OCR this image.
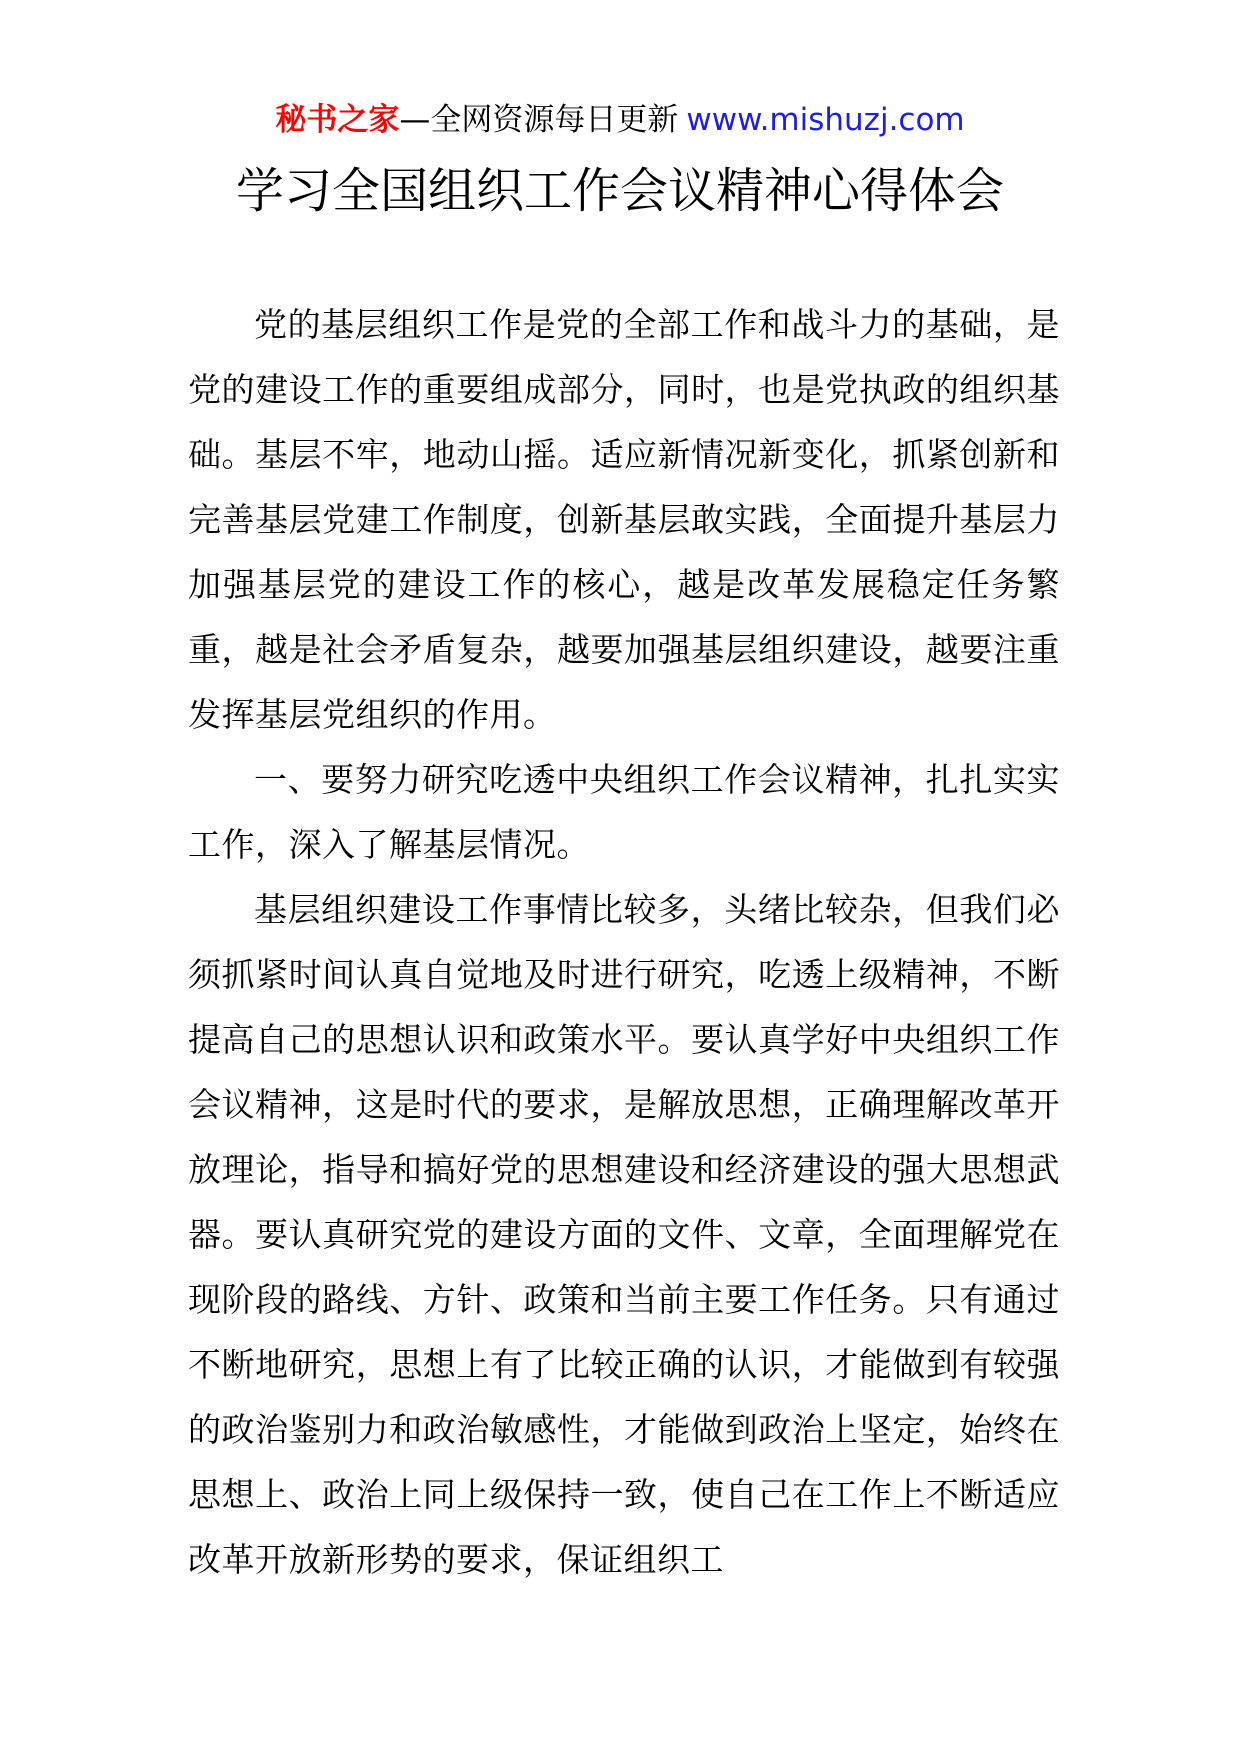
秘书之家—全网资源每日更新 www.mishuzj.com
学习全国组织工作会议精神心得体会

党的基层组织工作是党的全部工作和战斗力的基础，是党的建设工作的重要组成部分，同时，也是党执政的组织基础。基层不牢，地动山摇。适应新情况新变化，抓紧创新和完善基层党建工作制度，创新基层敢实践，全面提升基层力加强基层党的建设工作的核心，越是改革发展稳定任务繁重，越是社会矛盾复杂，越要加强基层组织建设，越要注重发挥基层党组织的作用。

一、要努力研究吃透中央组织工作会议精神，扎扎实实工作，深入了解基层情况。

基层组织建设工作事情比较多，头绪比较杂，但我们必须抓紧时间认真自觉地及时进行研究，吃透上级精神，不断提高自己的思想认识和政策水平。要认真学好中央组织工作会议精神，这是时代的要求，是解放思想，正确理解改革开放理论，指导和搞好党的思想建设和经济建设的强大思想武器。要认真研究党的建设方面的文件、文章，全面理解党在现阶段的路线、方针、政策和当前主要工作任务。只有通过不断地研究，思想上有了比较正确的认识，才能做到有较强的政治鉴别力和政治敏感性，才能做到政治上坚定，始终在思想上、政治上同上级保持一致，使自己在工作上不断适应改革开放新形势的要求，保证组织工
